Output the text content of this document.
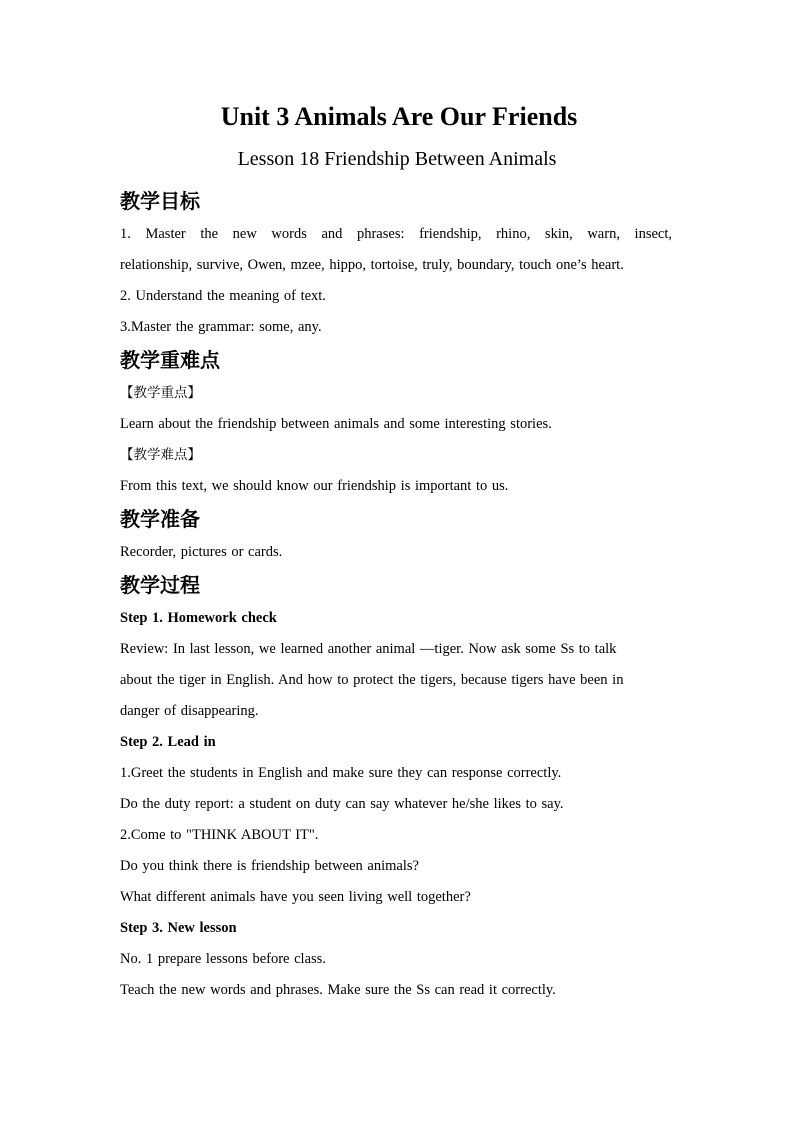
Unit 3 Animals Are Our Friends
Lesson 18 Friendship Between Animals

教学目标

1. Master the new words and phrases: friendship, rhino, skin, warn, insect,

relationship, survive, Owen, mzee, hippo, tortoise, truly, boundary, touch one’s heart.

2. Understand the meaning of text.

3.Master the grammar: some, any.

教学重难点

【教学重点】

Learn about the friendship between animals and some interesting stories.

【教学难点】

From this text, we should know our friendship is important to us.

教学准备

Recorder, pictures or cards.

教学过程

Step 1. Homework check

Review: In last lesson, we learned another animal —tiger. Now ask some Ss to talk

about the tiger in English. And how to protect the tigers, because tigers have been in

danger of disappearing.

Step 2. Lead in

1.Greet the students in English and make sure they can response correctly.

Do the duty report: a student on duty can say whatever he/she likes to say.

2.Come to "THINK ABOUT IT".

Do you think there is friendship between animals?

What different animals have you seen living well together?

Step 3. New lesson

No. 1 prepare lessons before class.

Teach the new words and phrases. Make sure the Ss can read it correctly.
